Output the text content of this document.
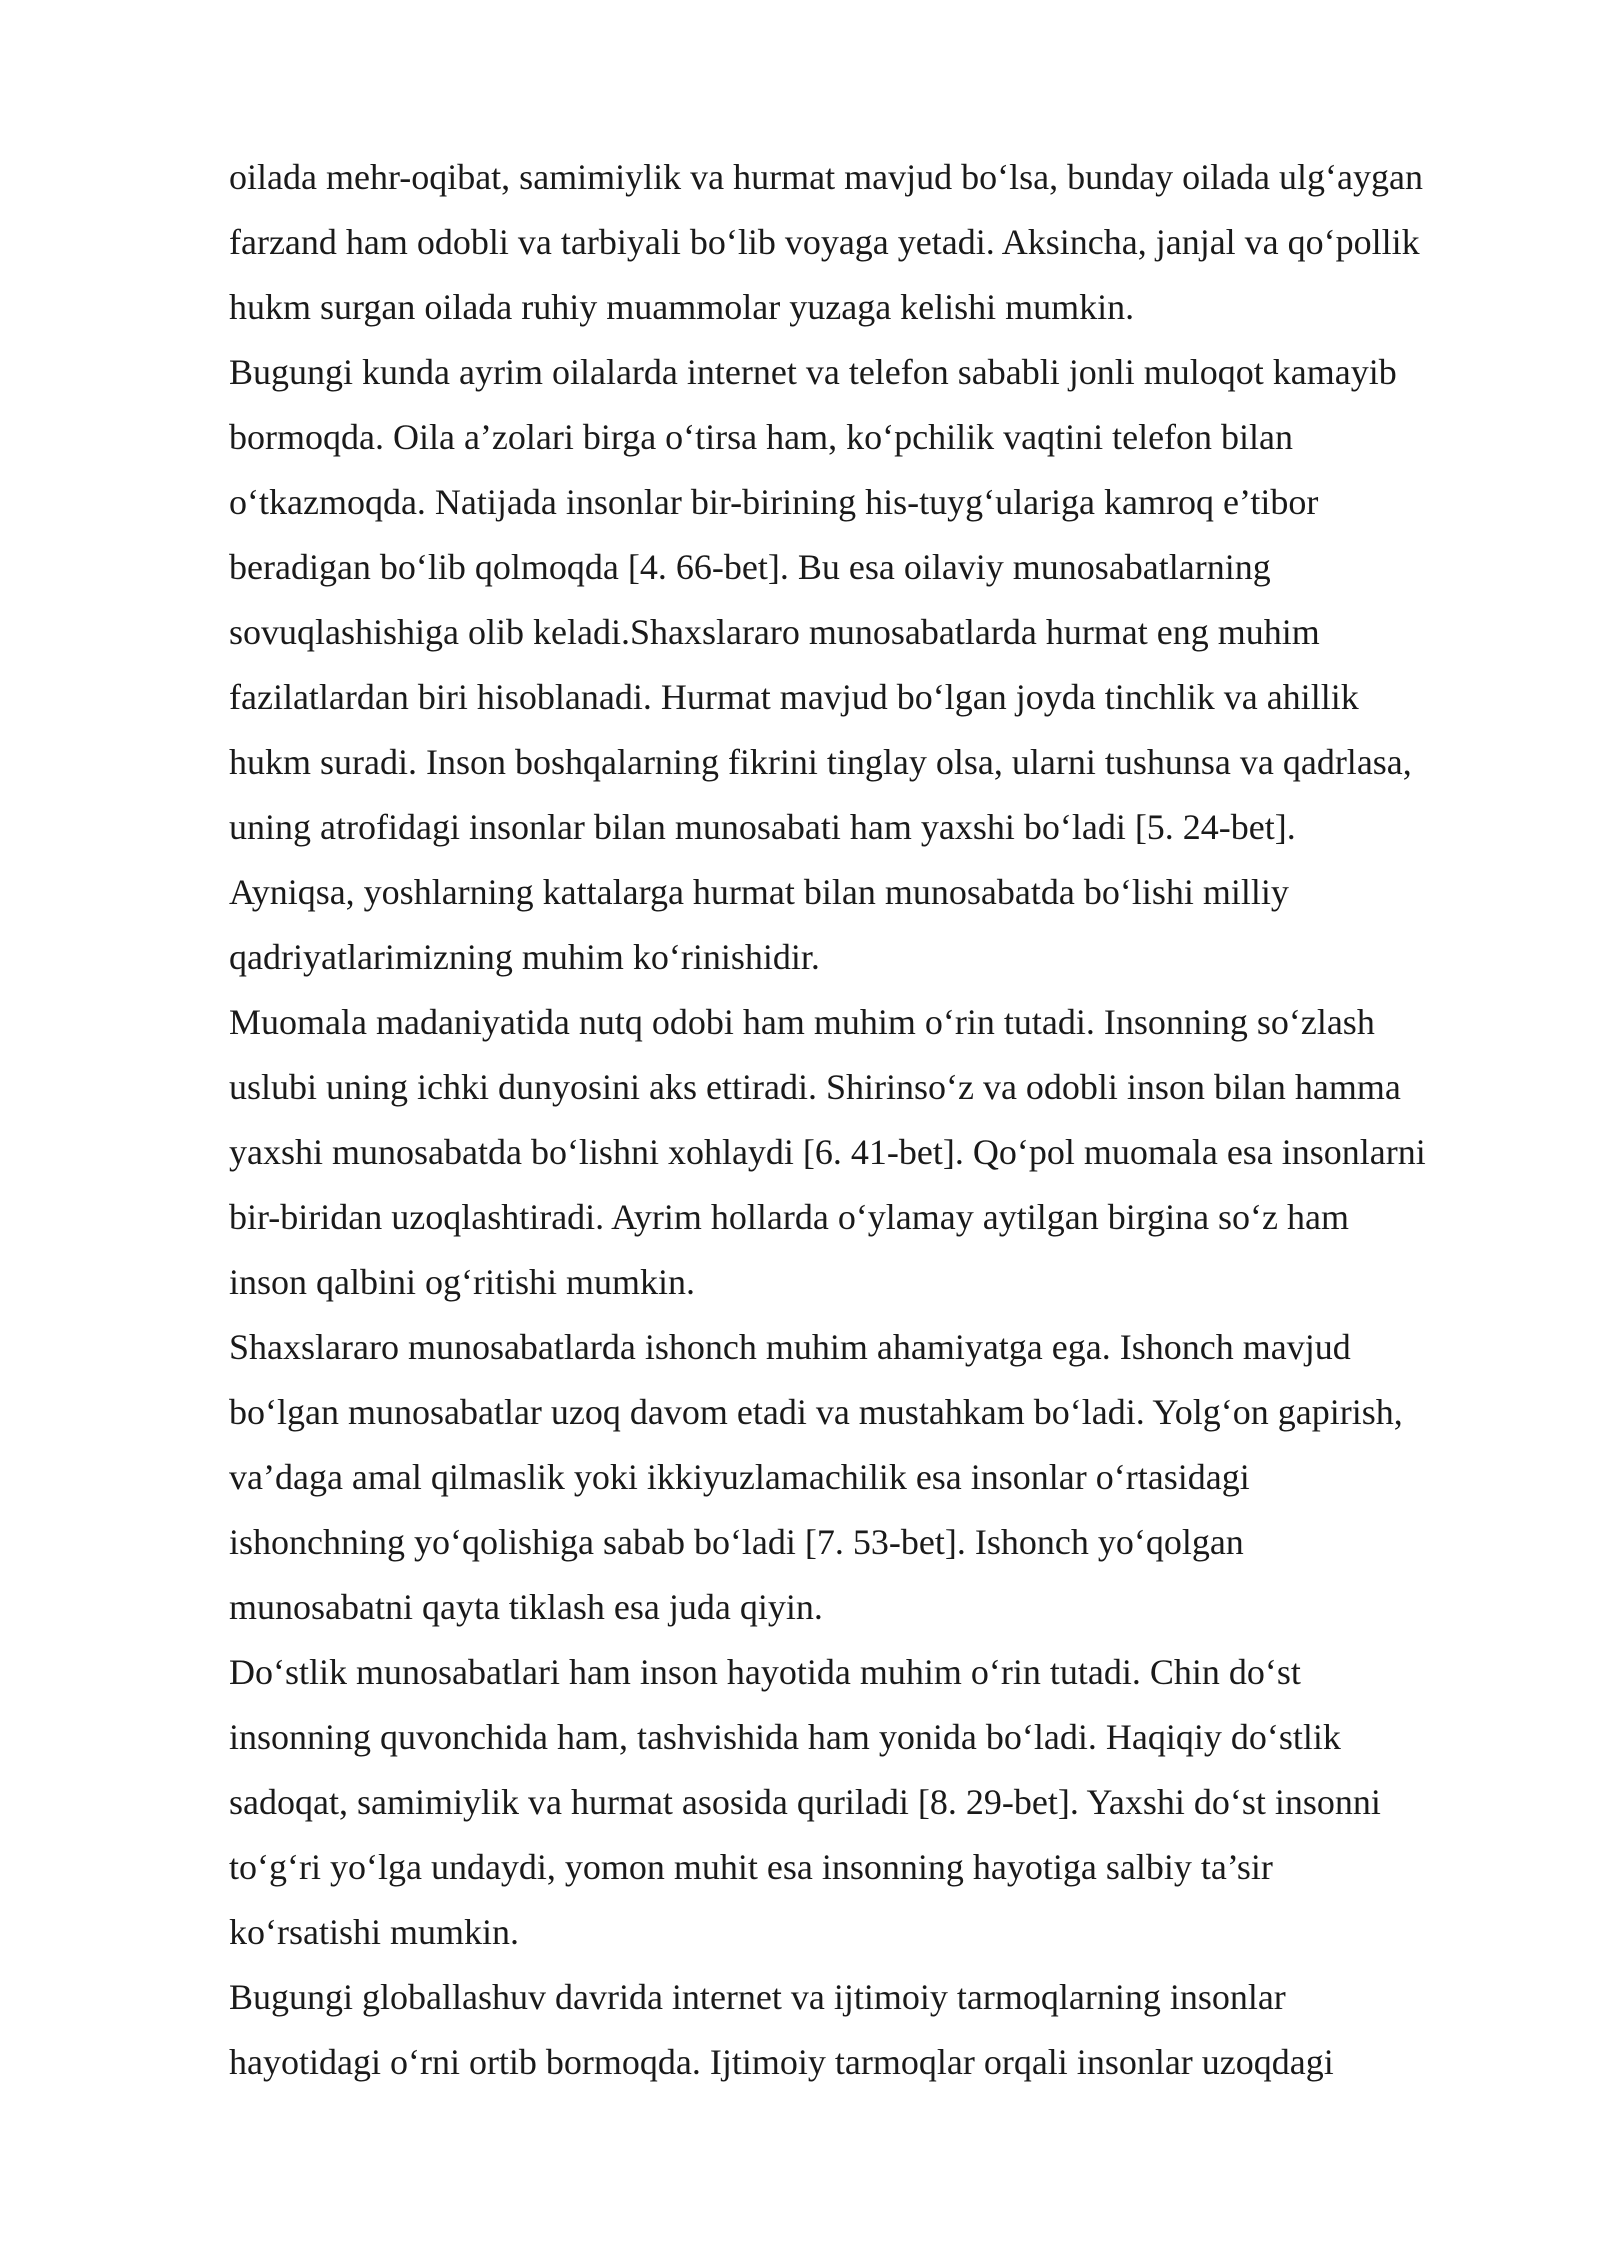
oilada mehr-oqibat, samimiylik va hurmat mavjud boʻlsa, bunday oilada ulgʻaygan
farzand ham odobli va tarbiyali boʻlib voyaga yetadi. Aksincha, janjal va qoʻpollik
hukm surgan oilada ruhiy muammolar yuzaga kelishi mumkin.
Bugungi kunda ayrim oilalarda internet va telefon sababli jonli muloqot kamayib
bormoqda. Oila a’zolari birga oʻtirsa ham, koʻpchilik vaqtini telefon bilan
oʻtkazmoqda. Natijada insonlar bir-birining his-tuygʻulariga kamroq e’tibor
beradigan boʻlib qolmoqda [4. 66-bet]. Bu esa oilaviy munosabatlarning
sovuqlashishiga olib keladi.Shaxslararo munosabatlarda hurmat eng muhim
fazilatlardan biri hisoblanadi. Hurmat mavjud boʻlgan joyda tinchlik va ahillik
hukm suradi. Inson boshqalarning fikrini tinglay olsa, ularni tushunsa va qadrlasa,
uning atrofidagi insonlar bilan munosabati ham yaxshi boʻladi [5. 24-bet].
Ayniqsa, yoshlarning kattalarga hurmat bilan munosabatda boʻlishi milliy
qadriyatlarimizning muhim koʻrinishidir.
Muomala madaniyatida nutq odobi ham muhim oʻrin tutadi. Insonning soʻzlash
uslubi uning ichki dunyosini aks ettiradi. Shirinsoʻz va odobli inson bilan hamma
yaxshi munosabatda boʻlishni xohlaydi [6. 41-bet]. Qoʻpol muomala esa insonlarni
bir-biridan uzoqlashtiradi. Ayrim hollarda oʻylamay aytilgan birgina soʻz ham
inson qalbini ogʻritishi mumkin.
Shaxslararo munosabatlarda ishonch muhim ahamiyatga ega. Ishonch mavjud
boʻlgan munosabatlar uzoq davom etadi va mustahkam boʻladi. Yolgʻon gapirish,
va’daga amal qilmaslik yoki ikkiyuzlamachilik esa insonlar oʻrtasidagi
ishonchning yoʻqolishiga sabab boʻladi [7. 53-bet]. Ishonch yoʻqolgan
munosabatni qayta tiklash esa juda qiyin.
Doʻstlik munosabatlari ham inson hayotida muhim oʻrin tutadi. Chin doʻst
insonning quvonchida ham, tashvishida ham yonida boʻladi. Haqiqiy doʻstlik
sadoqat, samimiylik va hurmat asosida quriladi [8. 29-bet]. Yaxshi doʻst insonni
toʻgʻri yoʻlga undaydi, yomon muhit esa insonning hayotiga salbiy ta’sir
koʻrsatishi mumkin.
Bugungi globallashuv davrida internet va ijtimoiy tarmoqlarning insonlar
hayotidagi oʻrni ortib bormoqda. Ijtimoiy tarmoqlar orqali insonlar uzoqdagi
